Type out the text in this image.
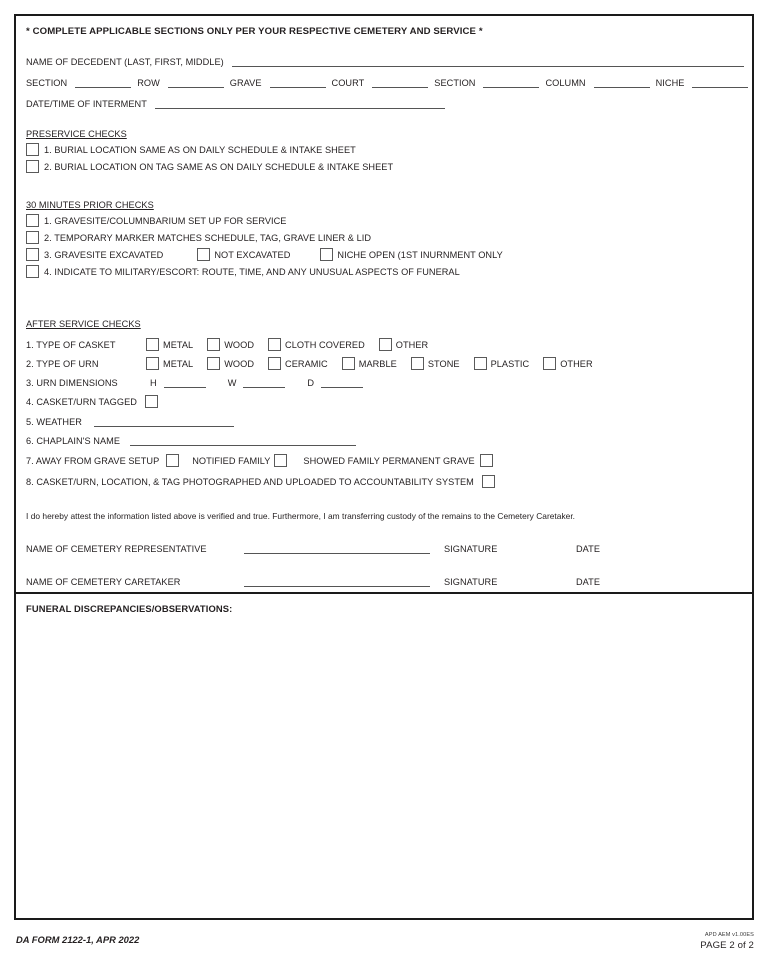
* COMPLETE APPLICABLE SECTIONS ONLY PER YOUR RESPECTIVE CEMETERY AND SERVICE *
NAME OF DECEDENT (LAST, FIRST, MIDDLE)
SECTION	ROW	GRAVE	COURT	SECTION	COLUMN	NICHE
DATE/TIME OF INTERMENT
PRESERVICE CHECKS
1. BURIAL LOCATION SAME AS ON DAILY SCHEDULE & INTAKE SHEET
2. BURIAL LOCATION ON TAG SAME AS ON DAILY SCHEDULE & INTAKE SHEET
30 MINUTES PRIOR CHECKS
1. GRAVESITE/COLUMNBARIUM SET UP FOR SERVICE
2. TEMPORARY MARKER MATCHES SCHEDULE, TAG, GRAVE LINER & LID
3. GRAVESITE EXCAVATED	NOT EXCAVATED	NICHE OPEN (1ST INURNMENT ONLY
4. INDICATE TO MILITARY/ESCORT: ROUTE, TIME, AND ANY UNUSUAL ASPECTS OF FUNERAL
AFTER SERVICE CHECKS
1. TYPE OF CASKET	METAL	WOOD	CLOTH COVERED	OTHER
2. TYPE OF URN	METAL	WOOD	CERAMIC	MARBLE	STONE	PLASTIC	OTHER
3. URN DIMENSIONS	H	W	D
4. CASKET/URN TAGGED
5. WEATHER
6. CHAPLAIN'S NAME
7. AWAY FROM GRAVE SETUP	NOTIFIED FAMILY	SHOWED FAMILY PERMANENT GRAVE
8. CASKET/URN, LOCATION, & TAG PHOTOGRAPHED AND UPLOADED TO ACCOUNTABILITY SYSTEM
I do hereby attest the information listed above is verified and true. Furthermore, I am transferring custody of the remains to the Cemetery Caretaker.
NAME OF CEMETERY REPRESENTATIVE	SIGNATURE	DATE
NAME OF CEMETERY CARETAKER	SIGNATURE	DATE
FUNERAL DISCREPANCIES/OBSERVATIONS:
DA FORM 2122-1, APR 2022	APD AEM v1.00ES
PAGE 2 of 2
